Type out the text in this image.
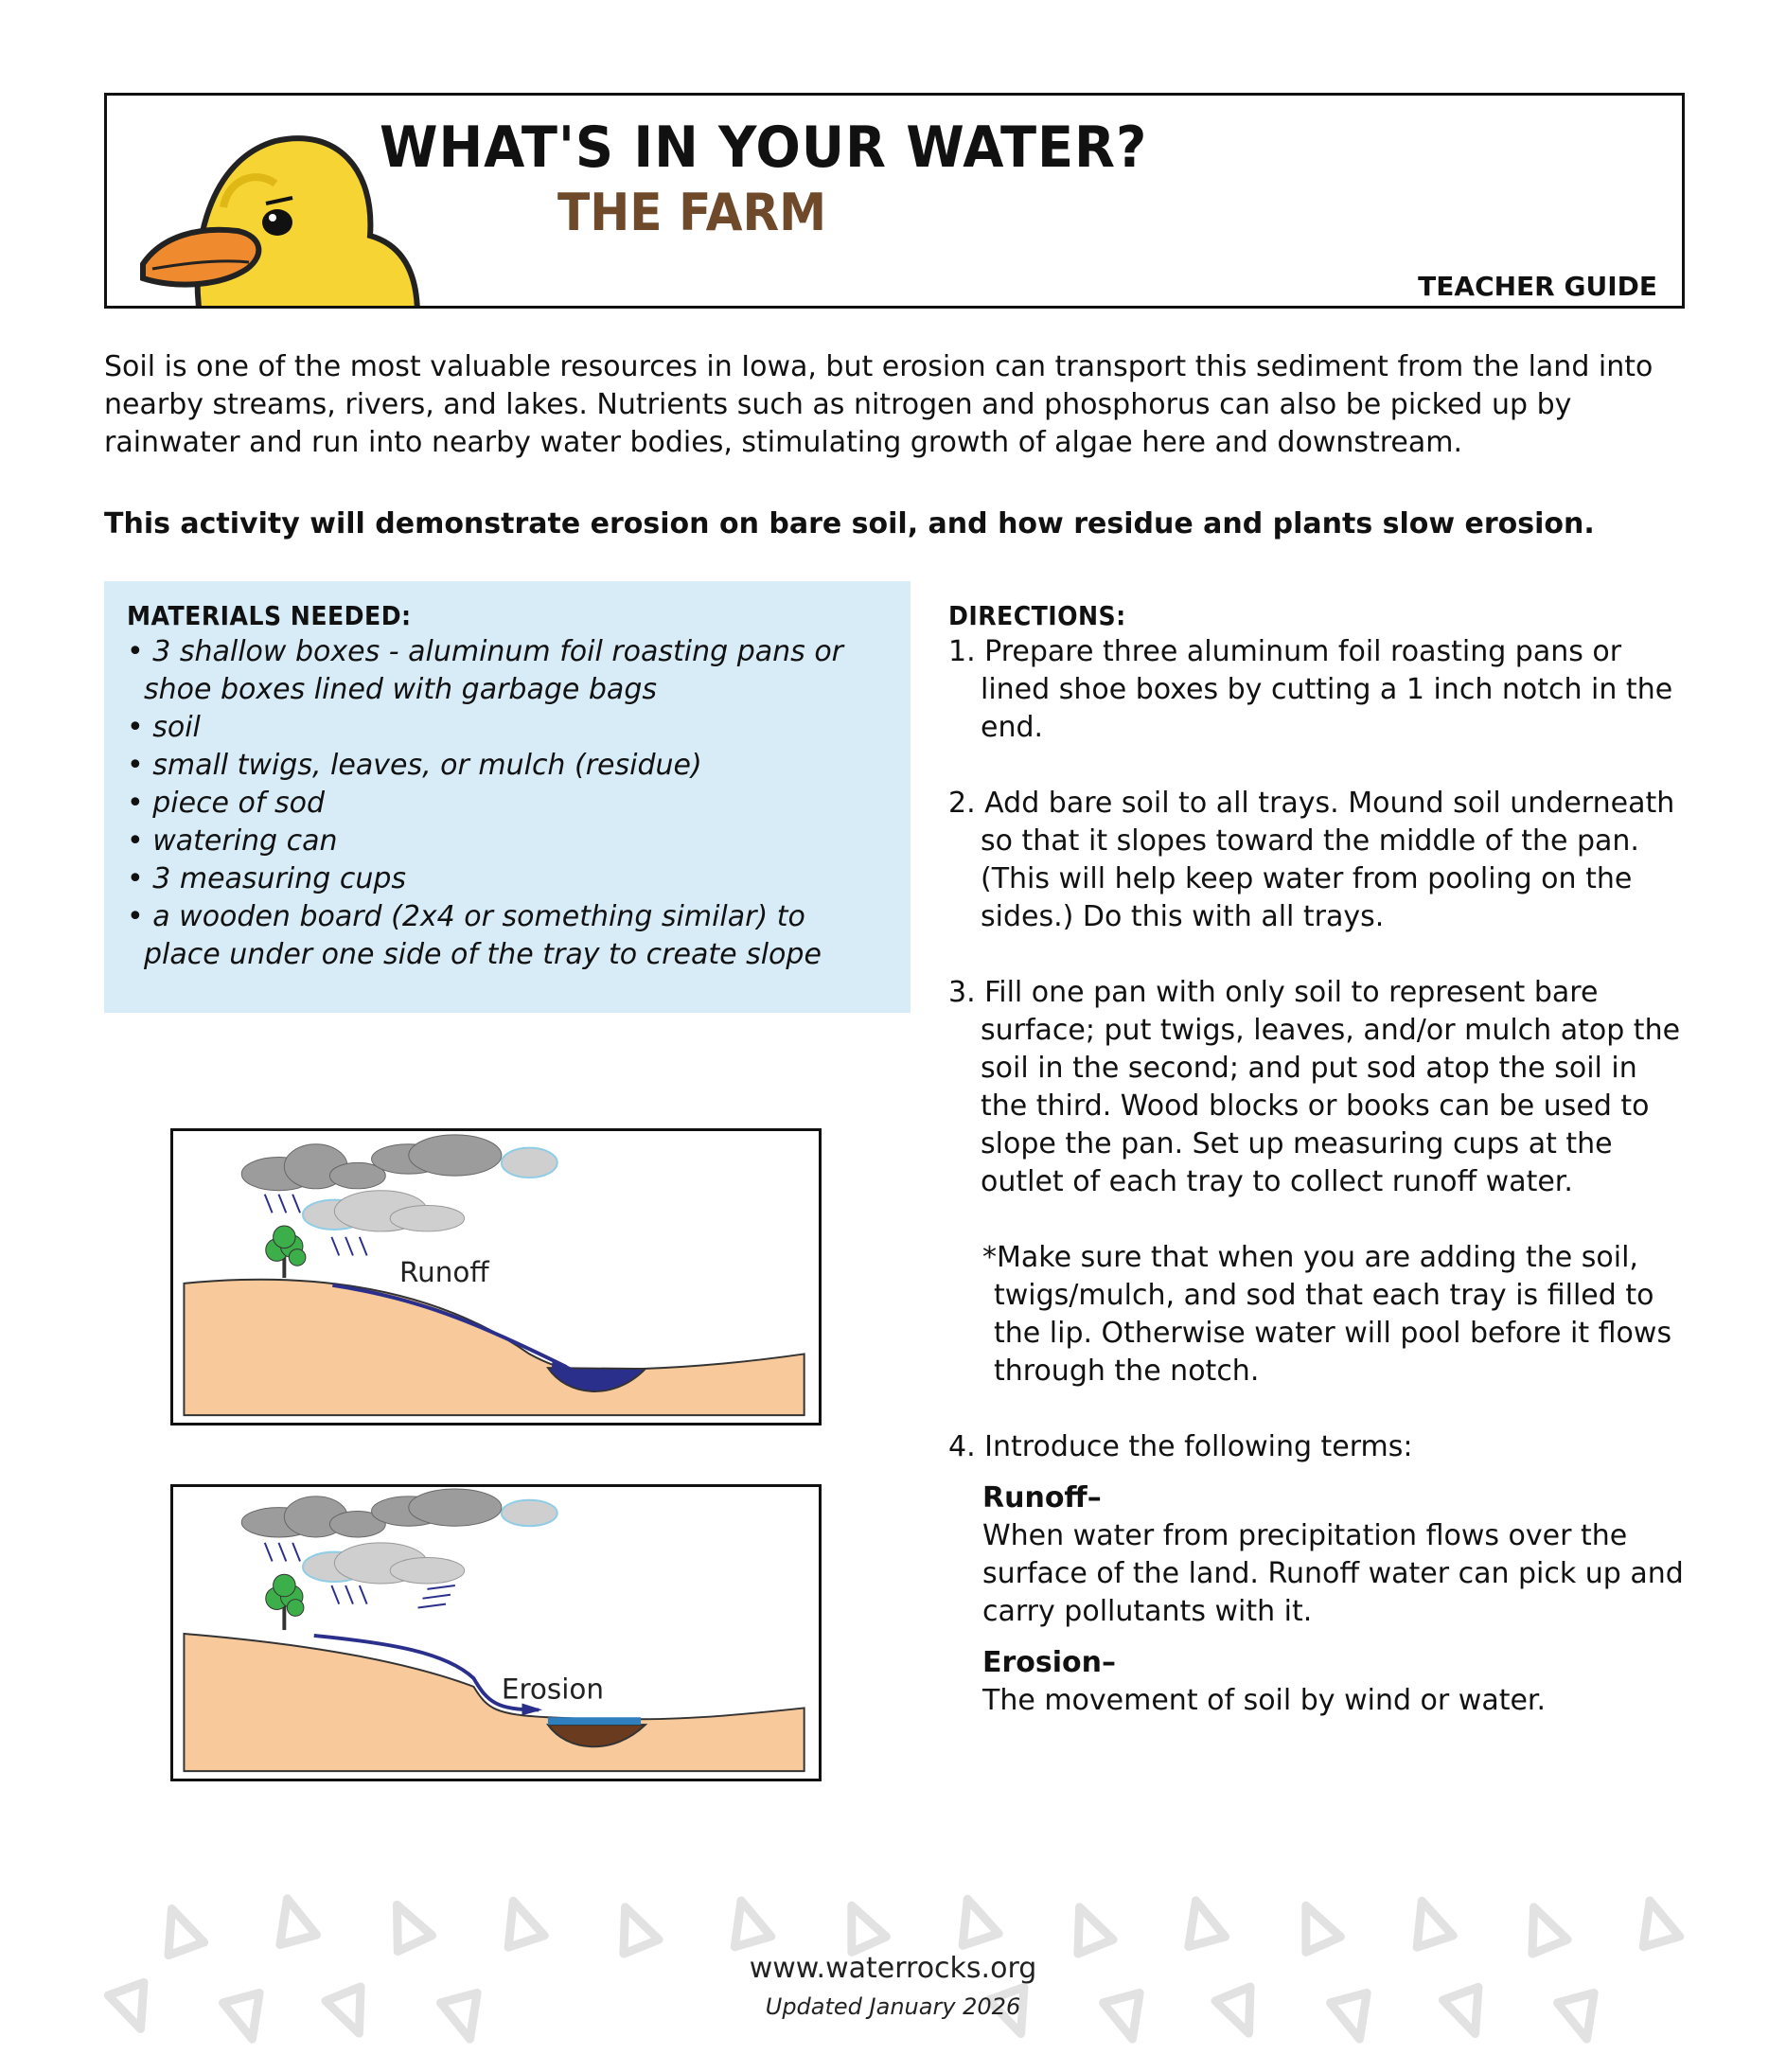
WHAT'S IN YOUR WATER?
THE FARM
TEACHER GUIDE

Soil is one of the most valuable resources in Iowa, but erosion can transport this sediment from the land into nearby streams, rivers, and lakes. Nutrients such as nitrogen and phosphorus can also be picked up by rainwater and run into nearby water bodies, stimulating growth of algae here and downstream.

This activity will demonstrate erosion on bare soil, and how residue and plants slow erosion.

MATERIALS NEEDED:
• 3 shallow boxes - aluminum foil roasting pans or shoe boxes lined with garbage bags
• soil
• small twigs, leaves, or mulch (residue)
• piece of sod
• watering can
• 3 measuring cups
• a wooden board (2x4 or something similar) to place under one side of the tray to create slope
DIRECTIONS:

1. Prepare three aluminum foil roasting pans or lined shoe boxes by cutting a 1 inch notch in the end.

2. Add bare soil to all trays. Mound soil underneath so that it slopes toward the middle of the pan. (This will help keep water from pooling on the sides.) Do this with all trays.

3. Fill one pan with only soil to represent bare surface; put twigs, leaves, and/or mulch atop the soil in the second; and put sod atop the soil in the third. Wood blocks or books can be used to slope the pan. Set up measuring cups at the outlet of each tray to collect runoff water.

*Make sure that when you are adding the soil, twigs/mulch, and sod that each tray is filled to the lip. Otherwise water will pool before it flows through the notch.

4. Introduce the following terms:

Runoff–

When water from precipitation flows over the surface of the land. Runoff water can pick up and carry pollutants with it.

Erosion–

The movement of soil by wind or water.

Runoff
Erosion

www.waterrocks.org

Updated January 2026
